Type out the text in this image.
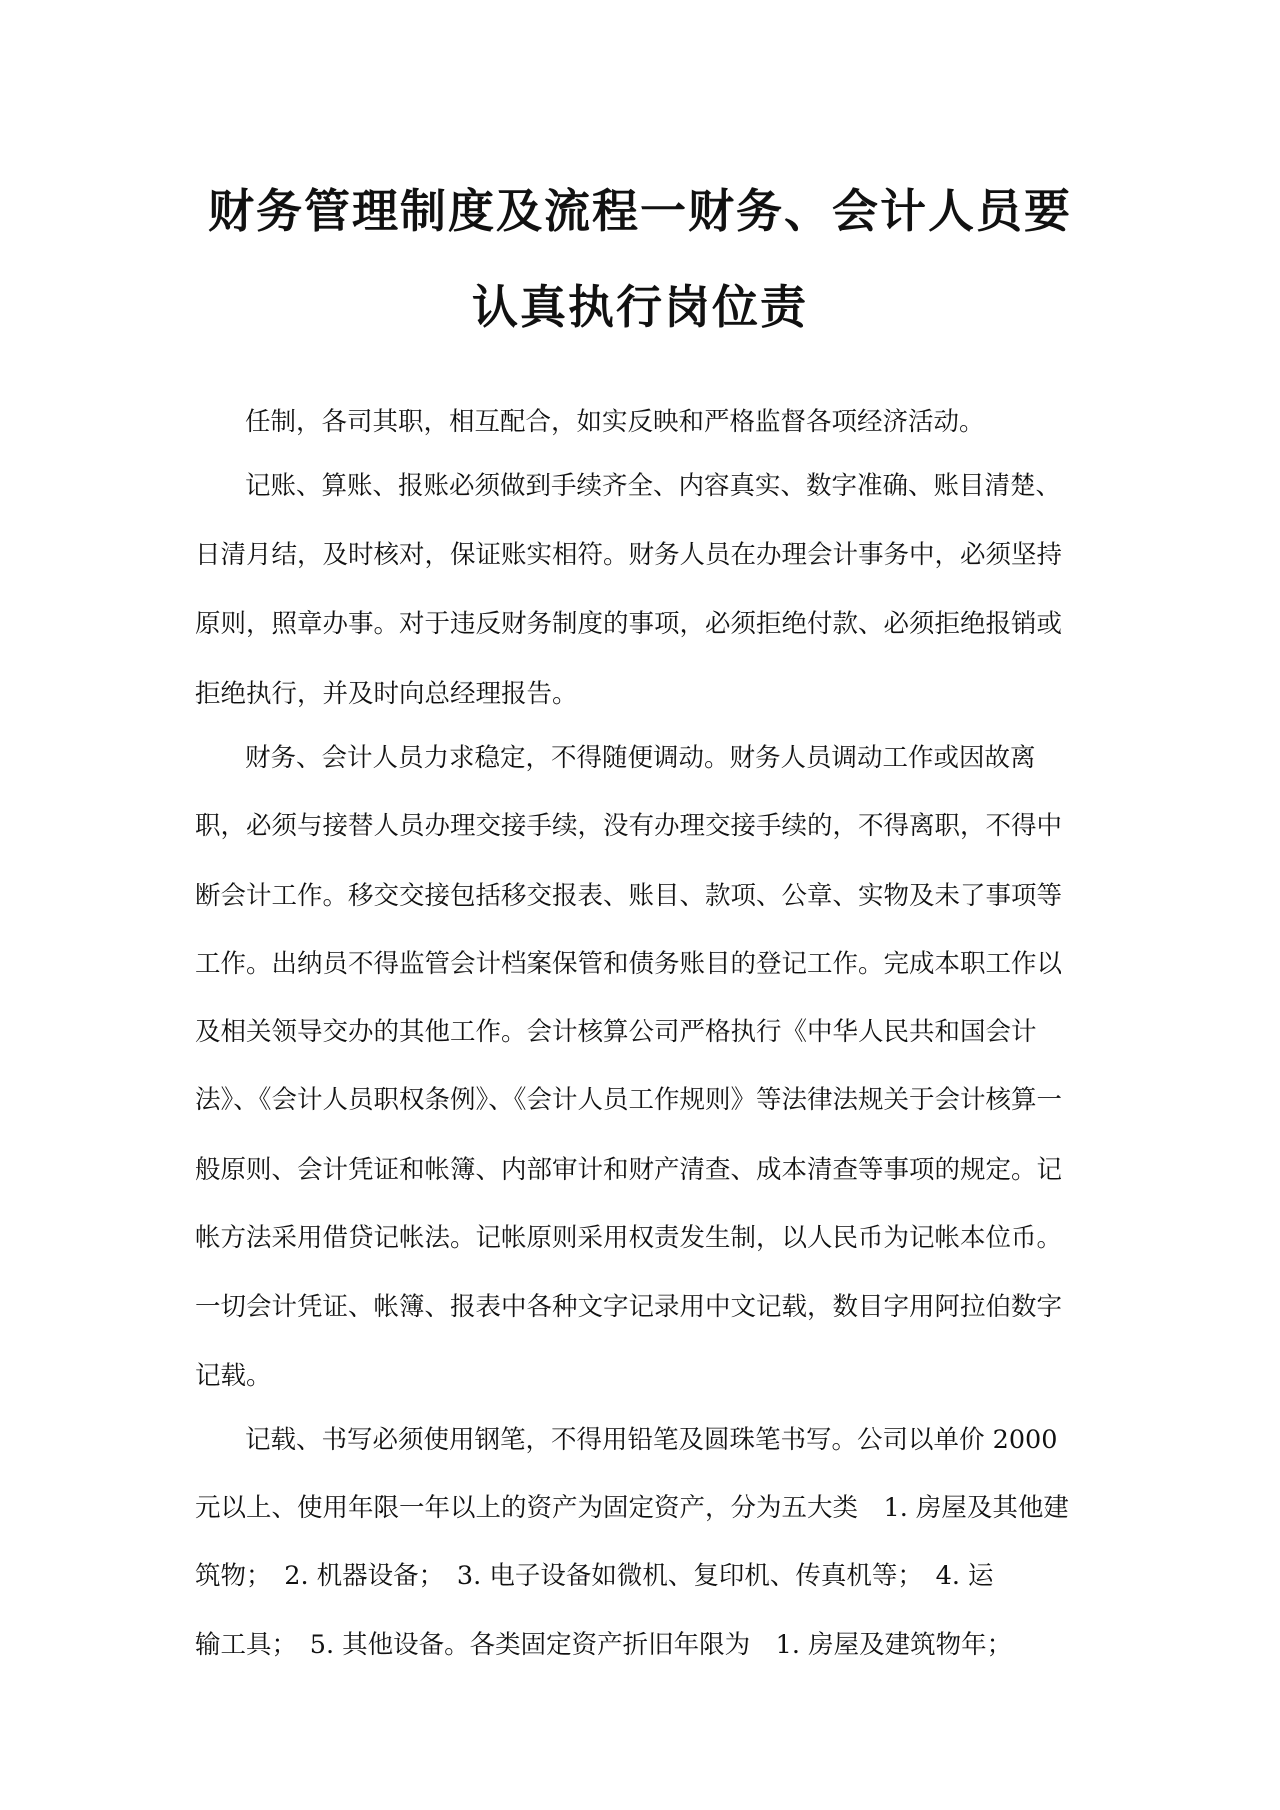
财务管理制度及流程一财务、会计人员要
认真执行岗位责

任制，各司其职，相互配合，如实反映和严格监督各项经济活动。

记账、算账、报账必须做到手续齐全、内容真实、数字准确、账目清楚、

日清月结，及时核对，保证账实相符。财务人员在办理会计事务中，必须坚持

原则，照章办事。对于违反财务制度的事项，必须拒绝付款、必须拒绝报销或

拒绝执行，并及时向总经理报告。

财务、会计人员力求稳定，不得随便调动。财务人员调动工作或因故离

职，必须与接替人员办理交接手续，没有办理交接手续的，不得离职，不得中

断会计工作。移交交接包括移交报表、账目、款项、公章、实物及未了事项等

工作。出纳员不得监管会计档案保管和债务账目的登记工作。完成本职工作以

及相关领导交办的其他工作。会计核算公司严格执行《中华人民共和国会计

法》、《会计人员职权条例》、《会计人员工作规则》等法律法规关于会计核算一

般原则、会计凭证和帐簿、内部审计和财产清查、成本清查等事项的规定。记

帐方法采用借贷记帐法。记帐原则采用权责发生制，以人民币为记帐本位币。

一切会计凭证、帐簿、报表中各种文字记录用中文记载，数目字用阿拉伯数字

记载。

记载、书写必须使用钢笔，不得用铅笔及圆珠笔书写。公司以单价 2000

元以上、使用年限一年以上的资产为固定资产，分为五大类　1. 房屋及其他建

筑物；　2. 机器设备；　3. 电子设备如微机、复印机、传真机等；　4. 运

输工具；　5. 其他设备。各类固定资产折旧年限为　1. 房屋及建筑物年；
